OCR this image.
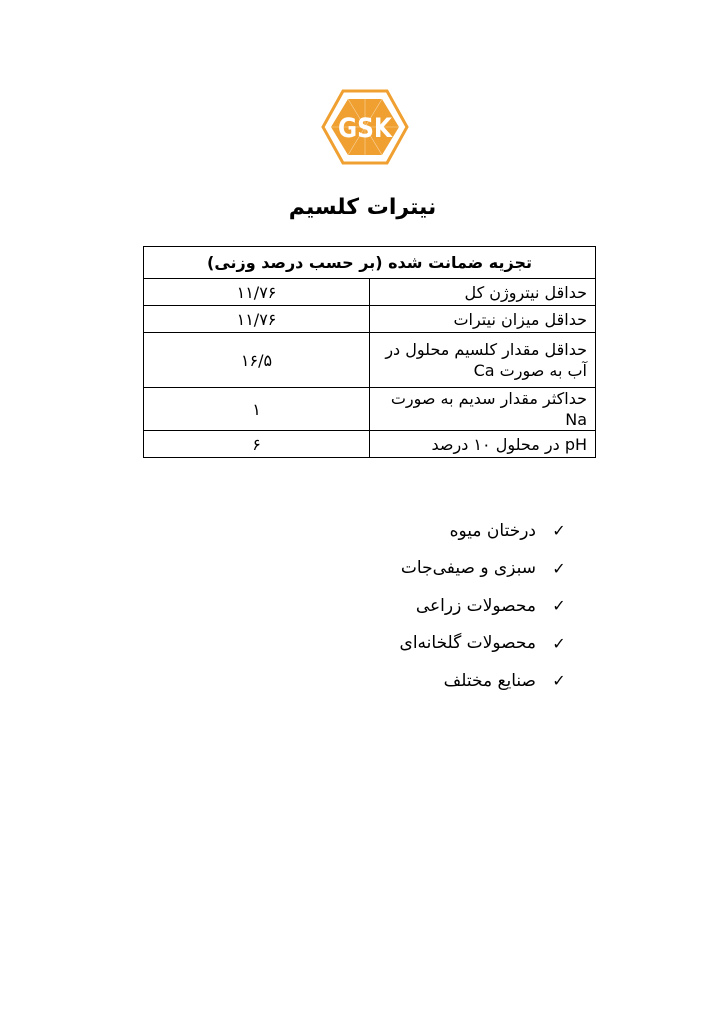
GSK
نیترات کلسیم
تجزیه ضمانت شده (بر حسب درصد وزنی)	
حداقل نیتروژن کل	۱۱/۷۶
حداقل میزان نیترات	۱۱/۷۶
حداقل مقدار کلسیم محلول در آب به صورت Ca	۱۶/۵
حداکثر مقدار سدیم به صورت Na	۱
pH در محلول ۱۰ درصد	۶
✓
درختان میوه
✓
سبزی و صیفی‌جات
✓
محصولات زراعی
✓
محصولات گلخانه‌ای
✓
صنایع مختلف
